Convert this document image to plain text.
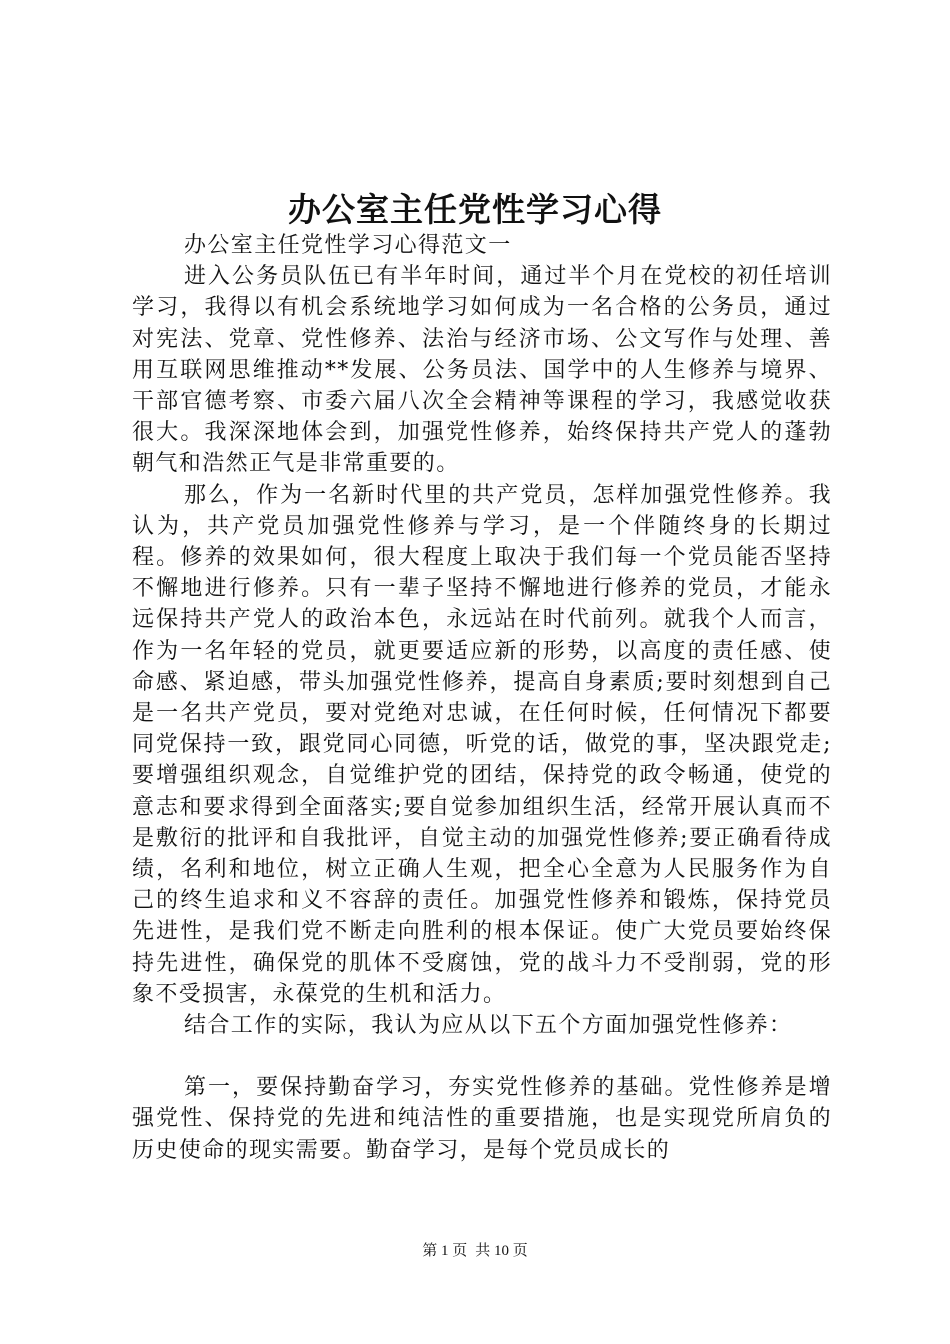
办公室主任党性学习心得

办公室主任党性学习心得范文一

进入公务员队伍已有半年时间，通过半个月在党校的初任培训学习，我得以有机会系统地学习如何成为一名合格的公务员，通过对宪法、党章、党性修养、法治与经济市场、公文写作与处理、善用互联网思维推动**发展、公务员法、国学中的人生修养与境界、干部官德考察、市委六届八次全会精神等课程的学习，我感觉收获很大。我深深地体会到，加强党性修养，始终保持共产党人的蓬勃朝气和浩然正气是非常重要的。

那么，作为一名新时代里的共产党员，怎样加强党性修养。我认为，共产党员加强党性修养与学习，是一个伴随终身的长期过程。修养的效果如何，很大程度上取决于我们每一个党员能否坚持不懈地进行修养。只有一辈子坚持不懈地进行修养的党员，才能永远保持共产党人的政治本色，永远站在时代前列。就我个人而言，作为一名年轻的党员，就更要适应新的形势，以高度的责任感、使命感、紧迫感，带头加强党性修养，提高自身素质;要时刻想到自己是一名共产党员，要对党绝对忠诚，在任何时候，任何情况下都要同党保持一致，跟党同心同德，听党的话，做党的事，坚决跟党走;要增强组织观念，自觉维护党的团结，保持党的政令畅通，使党的意志和要求得到全面落实;要自觉参加组织生活，经常开展认真而不是敷衍的批评和自我批评，自觉主动的加强党性修养;要正确看待成绩，名利和地位，树立正确人生观，把全心全意为人民服务作为自己的终生追求和义不容辞的责任。加强党性修养和锻炼，保持党员先进性，是我们党不断走向胜利的根本保证。使广大党员要始终保持先进性，确保党的肌体不受腐蚀，党的战斗力不受削弱，党的形象不受损害，永葆党的生机和活力。

结合工作的实际，我认为应从以下五个方面加强党性修养：

第一，要保持勤奋学习，夯实党性修养的基础。党性修养是增强党性、保持党的先进和纯洁性的重要措施，也是实现党所肩负的历史使命的现实需要。勤奋学习，是每个党员成长的

第 1 页 共 10 页
